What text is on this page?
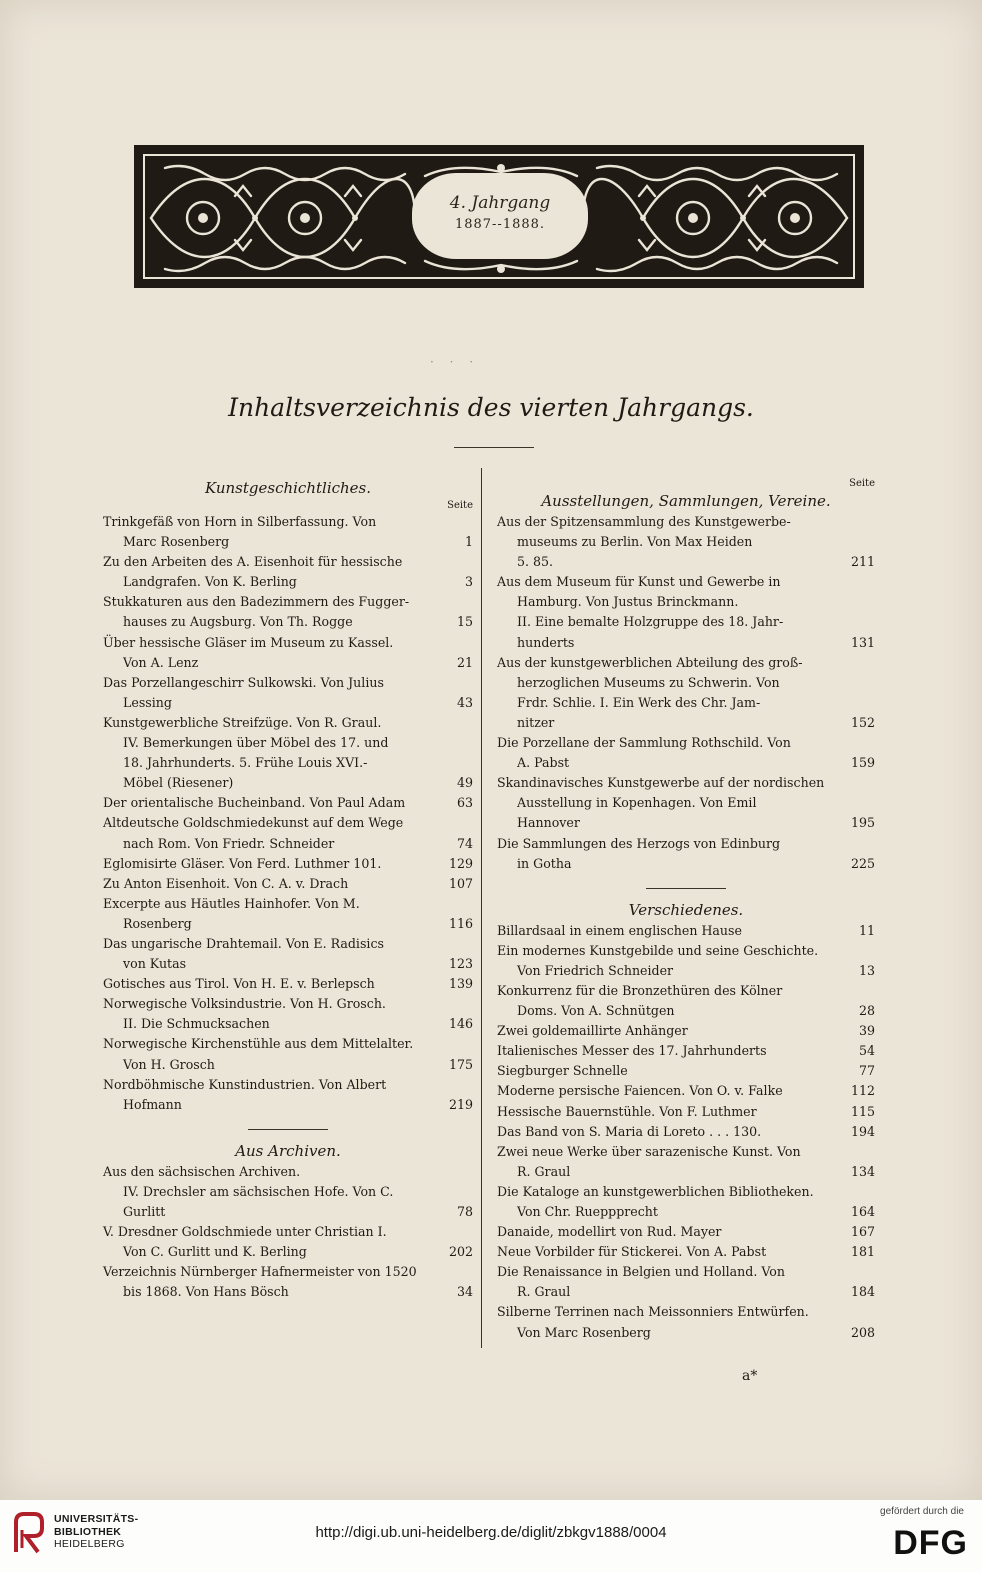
4. Jahrgang
1887--1888.
· · ·
Inhaltsverzeichnis des vierten Jahrgangs.
Kunstgeschichtliches.
Seite
Trinkgefäß von Horn in Silberfassung. Von
Marc Rosenberg	1
Zu den Arbeiten des A. Eisenhoit für hessische
Landgrafen. Von K. Berling	3
Stukkaturen aus den Badezimmern des Fugger-
hauses zu Augsburg. Von Th. Rogge	15
Über hessische Gläser im Museum zu Kassel.
Von A. Lenz	21
Das Porzellangeschirr Sulkowski. Von Julius
Lessing	43
Kunstgewerbliche Streifzüge. Von R. Graul.
IV. Bemerkungen über Möbel des 17. und
18. Jahrhunderts. 5. Frühe Louis XVI.-
Möbel (Riesener)	49
Der orientalische Bucheinband. Von Paul Adam	63
Altdeutsche Goldschmiedekunst auf dem Wege
nach Rom. Von Friedr. Schneider	74
Eglomisirte Gläser. Von Ferd. Luthmer 101.	129
Zu Anton Eisenhoit. Von C. A. v. Drach	107
Excerpte aus Häutles Hainhofer. Von M.
Rosenberg	116
Das ungarische Drahtemail. Von E. Radisics
von Kutas	123
Gotisches aus Tirol. Von H. E. v. Berlepsch	139
Norwegische Volksindustrie. Von H. Grosch.
II. Die Schmucksachen	146
Norwegische Kirchenstühle aus dem Mittelalter.
Von H. Grosch	175
Nordböhmische Kunstindustrien. Von Albert
Hofmann	219
Aus Archiven.
Aus den sächsischen Archiven.
IV. Drechsler am sächsischen Hofe. Von C.
Gurlitt	78
V. Dresdner Goldschmiede unter Christian I.
Von C. Gurlitt und K. Berling	202
Verzeichnis Nürnberger Hafnermeister von 1520
bis 1868. Von Hans Bösch	34
Seite
Ausstellungen, Sammlungen, Vereine.
Aus der Spitzensammlung des Kunstgewerbe-
museums zu Berlin. Von Max Heiden
5. 85.	211
Aus dem Museum für Kunst und Gewerbe in
Hamburg. Von Justus Brinckmann.
II. Eine bemalte Holzgruppe des 18. Jahr-
hunderts	131
Aus der kunstgewerblichen Abteilung des groß-
herzoglichen Museums zu Schwerin. Von
Frdr. Schlie. I. Ein Werk des Chr. Jam-
nitzer	152
Die Porzellane der Sammlung Rothschild. Von
A. Pabst	159
Skandinavisches Kunstgewerbe auf der nordischen
Ausstellung in Kopenhagen. Von Emil
Hannover	195
Die Sammlungen des Herzogs von Edinburg
in Gotha	225
Verschiedenes.
Billardsaal in einem englischen Hause	11
Ein modernes Kunstgebilde und seine Geschichte.
Von Friedrich Schneider	13
Konkurrenz für die Bronzethüren des Kölner
Doms. Von A. Schnütgen	28
Zwei goldemaillirte Anhänger	39
Italienisches Messer des 17. Jahrhunderts	54
Siegburger Schnelle	77
Moderne persische Faiencen. Von O. v. Falke	112
Hessische Bauernstühle. Von F. Luthmer	115
Das Band von S. Maria di Loreto . . . 130.	194
Zwei neue Werke über sarazenische Kunst. Von
R. Graul	134
Die Kataloge an kunstgewerblichen Bibliotheken.
Von Chr. Rueppprecht	164
Danaide, modellirt von Rud. Mayer	167
Neue Vorbilder für Stickerei. Von A. Pabst	181
Die Renaissance in Belgien und Holland. Von
R. Graul	184
Silberne Terrinen nach Meissonniers Entwürfen.
Von Marc Rosenberg	208
a*
UNIVERSITÄTS-
BIBLIOTHEK
HEIDELBERG
http://digi.ub.uni-heidelberg.de/diglit/zbkgv1888/0004
gefördert durch die
DFG
